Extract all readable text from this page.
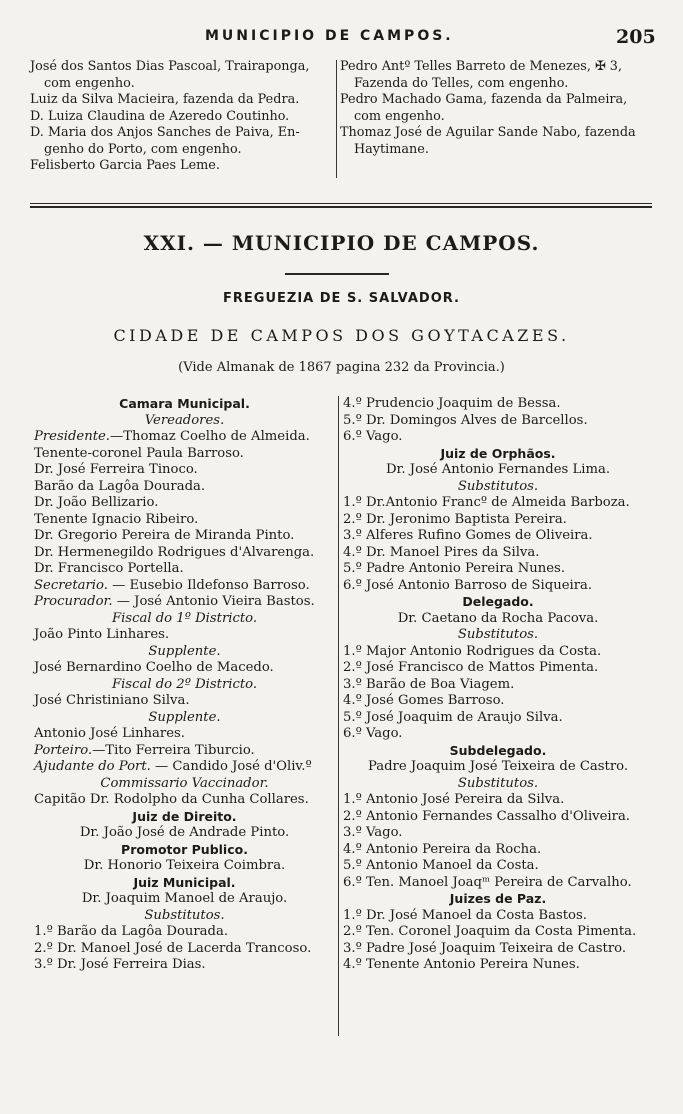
MUNICIPIO DE CAMPOS.	205
José dos Santos Dias Pascoal, Trairaponga,
com engenho.
Luiz da Silva Macieira, fazenda da Pedra.
D. Luiza Claudina de Azeredo Coutinho.
D. Maria dos Anjos Sanches de Paiva, En-
genho do Porto, com engenho.
Felisberto Garcia Paes Leme.
Pedro Antº Telles Barreto de Menezes, ✠ 3,
Fazenda do Telles, com engenho.
Pedro Machado Gama, fazenda da Palmeira,
com engenho.
Thomaz José de Aguilar Sande Nabo, fazenda
Haytimane.
XXI. — MUNICIPIO DE CAMPOS.
FREGUEZIA DE S. SALVADOR.
CIDADE DE CAMPOS DOS GOYTACAZES.
(Vide Almanak de 1867 pagina 232 da Provincia.)
Camara Municipal.
Vereadores.
Presidente.—Thomaz Coelho de Almeida.
Tenente-coronel Paula Barroso.
Dr. José Ferreira Tinoco.
Barão da Lagôa Dourada.
Dr. João Bellizario.
Tenente Ignacio Ribeiro.
Dr. Gregorio Pereira de Miranda Pinto.
Dr. Hermenegildo Rodrigues d'Alvarenga.
Dr. Francisco Portella.
Secretario. — Eusebio Ildefonso Barroso.
Procurador. — José Antonio Vieira Bastos.
Fiscal do 1º Districto.
João Pinto Linhares.
Supplente.
José Bernardino Coelho de Macedo.
Fiscal do 2º Districto.
José Christiniano Silva.
Supplente.
Antonio José Linhares.
Porteiro.—Tito Ferreira Tiburcio.
Ajudante do Port. — Candido José d'Oliv.º
Commissario Vaccinador.
Capitão Dr. Rodolpho da Cunha Collares.
Juiz de Direito.
Dr. João José de Andrade Pinto.
Promotor Publico.
Dr. Honorio Teixeira Coimbra.
Juiz Municipal.
Dr. Joaquim Manoel de Araujo.
Substitutos.
1.º Barão da Lagôa Dourada.
2.º Dr. Manoel José de Lacerda Trancoso.
3.º Dr. José Ferreira Dias.
4.º Prudencio Joaquim de Bessa.
5.º Dr. Domingos Alves de Barcellos.
6.º Vago.
Juiz de Orphãos.
Dr. José Antonio Fernandes Lima.
Substitutos.
1.º Dr.Antonio Francº de Almeida Barboza.
2.º Dr. Jeronimo Baptista Pereira.
3.º Alferes Rufino Gomes de Oliveira.
4.º Dr. Manoel Pires da Silva.
5.º Padre Antonio Pereira Nunes.
6.º José Antonio Barroso de Siqueira.
Delegado.
Dr. Caetano da Rocha Pacova.
Substitutos.
1.º Major Antonio Rodrigues da Costa.
2.º José Francisco de Mattos Pimenta.
3.º Barão de Boa Viagem.
4.º José Gomes Barroso.
5.º José Joaquim de Araujo Silva.
6.º Vago.
Subdelegado.
Padre Joaquim José Teixeira de Castro.
Substitutos.
1.º Antonio José Pereira da Silva.
2.º Antonio Fernandes Cassalho d'Oliveira.
3.º Vago.
4.º Antonio Pereira da Rocha.
5.º Antonio Manoel da Costa.
6.º Ten. Manoel Joaqᵐ Pereira de Carvalho.
Juizes de Paz.
1.º Dr. José Manoel da Costa Bastos.
2.º Ten. Coronel Joaquim da Costa Pimenta.
3.º Padre José Joaquim Teixeira de Castro.
4.º Tenente Antonio Pereira Nunes.
